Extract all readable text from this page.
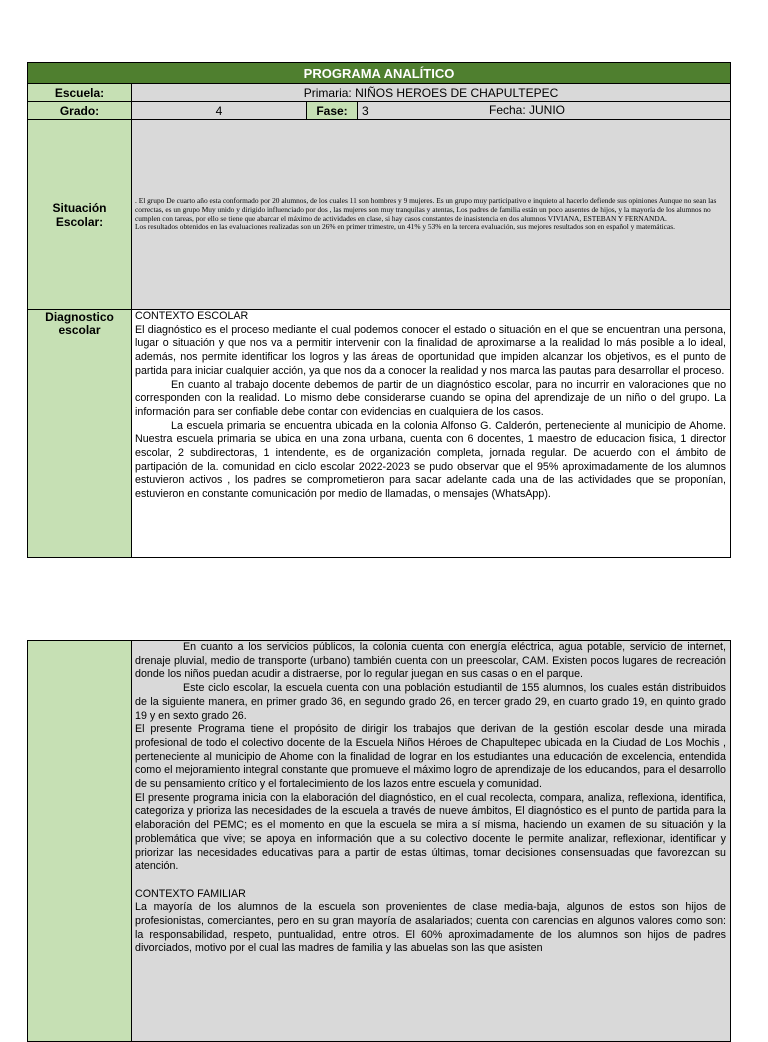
PROGRAMA ANALÍTICO			
Escuela:	Primaria: NIÑOS HEROES DE CHAPULTEPEC		
Grado:	4	Fase:	3 Fecha: JUNIO

Situación Escolar:	. El grupo De cuarto año esta conformado por 20 alumnos, de los cuales 11 son hombres y 9 mujeres. Es un grupo muy participativo e inquieto al hacerlo defiende sus opiniones Aunque no sean las correctas, es un grupo Muy unido y dirigido influenciado por dos , las mujeres son muy tranquilas y atentas, Los padres de familia están un poco ausentes de hijos, y la mayoría de los alumnos no cumplen con tareas, por ello se tiene que abarcar el máximo de actividades en clase, si hay casos constantes de inasistencia en dos alumnos VIVIANA, ESTEBAN Y FERNANDA.

Los resultados obtenidos en las evaluaciones realizadas son un 26% en primer trimestre, un 41% y 53% en la tercera evaluación, sus mejores resultados son en español y matemáticas.		

Diagnostico escolar	CONTEXTO ESCOLAR

El diagnóstico es el proceso mediante el cual podemos conocer el estado o situación en el que se encuentran una persona, lugar o situación y que nos va a permitir intervenir con la finalidad de aproximarse a la realidad lo más posible a lo ideal, además, nos permite identificar los logros y las áreas de oportunidad que impiden alcanzar los objetivos, es el punto de partida para iniciar cualquier acción, ya que nos da a conocer la realidad y nos marca las pautas para desarrollar el proceso.

En cuanto al trabajo docente debemos de partir de un diagnóstico escolar, para no incurrir en valoraciones que no corresponden con la realidad. Lo mismo debe considerarse cuando se opina del aprendizaje de un niño o del grupo. La información para ser confiable debe contar con evidencias en cualquiera de los casos.

La escuela primaria se encuentra ubicada en la colonia Alfonso G. Calderón, perteneciente al municipio de Ahome. Nuestra escuela primaria se ubica en una zona urbana, cuenta con 6 docentes, 1 maestro de educacion fisica, 1 director escolar, 2 subdirectoras, 1 intendente, es de organización completa, jornada regular. De acuerdo con el ámbito de partipación de la. comunidad en ciclo escolar 2022-2023 se pudo observar que el 95% aproximadamente de los alumnos estuvieron activos , los padres se comprometieron para sacar adelante cada una de las actividades que se proponían, estuvieron en constante comunicación por medio de llamadas, o mensajes (WhatsApp).		

En cuanto a los servicios públicos, la colonia cuenta con energía eléctrica, agua potable, servicio de internet, drenaje pluvial, medio de transporte (urbano) también cuenta con un preescolar, CAM. Existen pocos lugares de recreación donde los niños puedan acudir a distraerse, por lo regular juegan en sus casas o en el parque.

Este ciclo escolar, la escuela cuenta con una población estudiantil de 155 alumnos, los cuales están distribuidos de la siguiente manera, en primer grado 36, en segundo grado 26, en tercer grado 29, en cuarto grado 19, en quinto grado 19 y en sexto grado 26.

El presente Programa tiene el propósito de dirigir los trabajos que derivan de la gestión escolar desde una mirada profesional de todo el colectivo docente de la Escuela Niños Héroes de Chapultepec ubicada en la Ciudad de Los Mochis , perteneciente al municipio de Ahome con la finalidad de lograr en los estudiantes una educación de excelencia, entendida como el mejoramiento integral constante que promueve el máximo logro de aprendizaje de los educandos, para el desarrollo de su pensamiento crítico y el fortalecimiento de los lazos entre escuela y comunidad.

El presente programa inicia con la elaboración del diagnóstico, en el cual recolecta, compara, analiza, reflexiona, identifica, categoriza y prioriza las necesidades de la escuela a través de nueve ámbitos, El diagnóstico es el punto de partida para la elaboración del PEMC; es el momento en que la escuela se mira a sí misma, haciendo un examen de su situación y la problemática que vive; se apoya en información que a su colectivo docente le permite analizar, reflexionar, identificar y priorizar las necesidades educativas para a partir de estas últimas, tomar decisiones consensuadas que favorezcan su atención.

CONTEXTO FAMILIAR

La mayoría de los alumnos de la escuela son provenientes de clase media-baja, algunos de estos son hijos de profesionistas, comerciantes, pero en su gran mayoría de asalariados; cuenta con carencias en algunos valores como son: la responsabilidad, respeto, puntualidad, entre otros. El 60% aproximadamente de los alumnos son hijos de padres divorciados, motivo por el cual las madres de familia y las abuelas son las que asisten
